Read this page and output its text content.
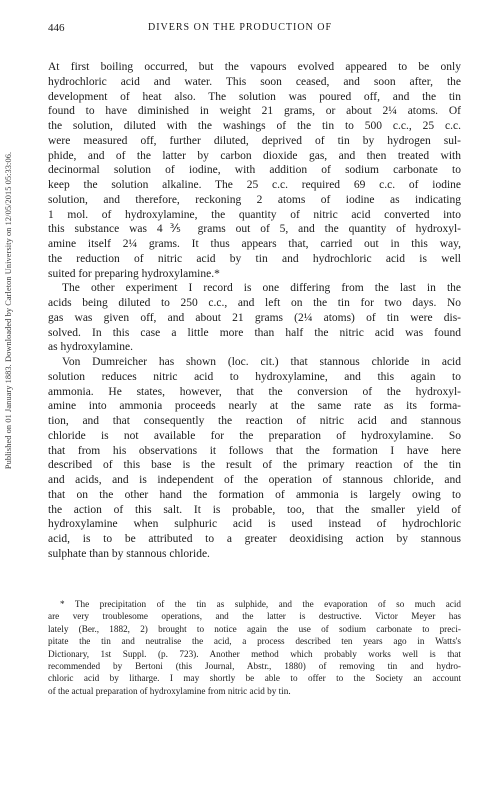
Published on 01 January 1883. Downloaded by Carleton University on 12/05/2015 05:33:06.
446	DIVERS ON THE PRODUCTION OF

At first boiling occurred, but the vapours evolved appeared to be only
hydrochloric acid and water. This soon ceased, and soon after, the
development of heat also. The solution was poured off, and the tin
found to have diminished in weight 21 grams, or about 2¼ atoms. Of
the solution, diluted with the washings of the tin to 500 c.c., 25 c.c.
were measured off, further diluted, deprived of tin by hydrogen sul-
phide, and of the latter by carbon dioxide gas, and then treated with
decinormal solution of iodine, with addition of sodium carbonate to
keep the solution alkaline. The 25 c.c. required 69 c.c. of iodine
solution, and therefore, reckoning 2 atoms of iodine as indicating
1 mol. of hydroxylamine, the quantity of nitric acid converted into
this substance was 4⅗ grams out of 5, and the quantity of hydroxyl-
amine itself 2¼ grams. It thus appears that, carried out in this way,
the reduction of nitric acid by tin and hydrochloric acid is well
suited for preparing hydroxylamine.*

The other experiment I record is one differing from the last in the
acids being diluted to 250 c.c., and left on the tin for two days. No
gas was given off, and about 21 grams (2¼ atoms) of tin were dis-
solved. In this case a little more than half the nitric acid was found
as hydroxylamine.

Von Dumreicher has shown (loc. cit.) that stannous chloride in acid
solution reduces nitric acid to hydroxylamine, and this again to
ammonia. He states, however, that the conversion of the hydroxyl-
amine into ammonia proceeds nearly at the same rate as its forma-
tion, and that consequently the reaction of nitric acid and stannous
chloride is not available for the preparation of hydroxylamine. So
that from his observations it follows that the formation I have here
described of this base is the result of the primary reaction of the tin
and acids, and is independent of the operation of stannous chloride, and
that on the other hand the formation of ammonia is largely owing to
the action of this salt. It is probable, too, that the smaller yield of
hydroxylamine when sulphuric acid is used instead of hydrochloric
acid, is to be attributed to a greater deoxidising action by stannous
sulphate than by stannous chloride.

* The precipitation of the tin as sulphide, and the evaporation of so much acid
are very troublesome operations, and the latter is destructive. Victor Meyer has
lately (Ber., 1882, 2) brought to notice again the use of sodium carbonate to preci-
pitate the tin and neutralise the acid, a process described ten years ago in Watts's
Dictionary, 1st Suppl. (p. 723). Another method which probably works well is that
recommended by Bertoni (this Journal, Abstr., 1880) of removing tin and hydro-
chloric acid by litharge. I may shortly be able to offer to the Society an account
of the actual preparation of hydroxylamine from nitric acid by tin.
